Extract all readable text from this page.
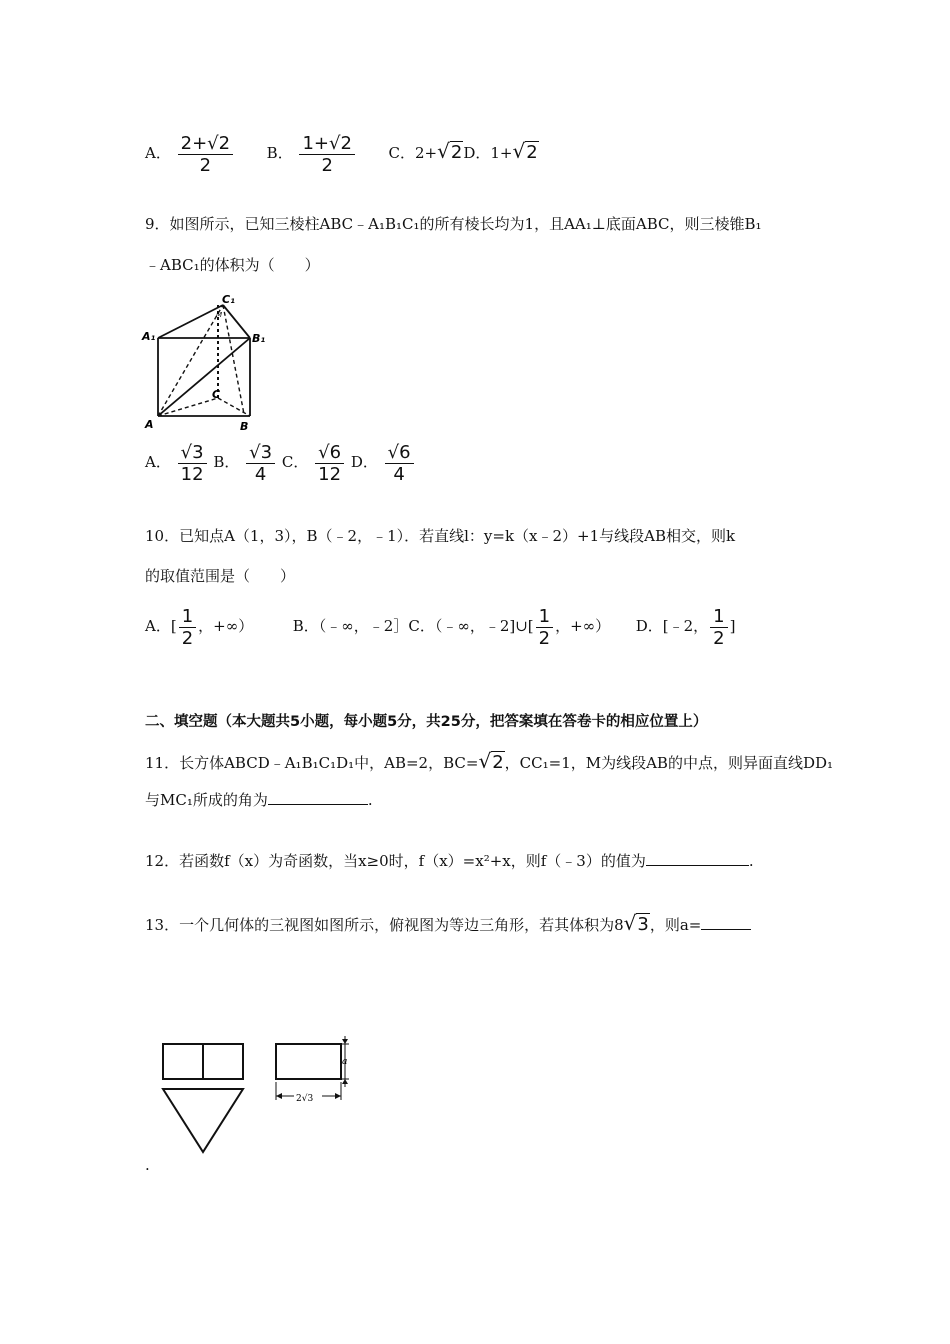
A． $\frac{2+√2}{2}$ B． $\frac{1+√2}{2}$ C．2+√2D．1+√2
9．如图所示，已知三棱柱ABC﹣A₁B₁C₁的所有棱长均为1，且AA₁⊥底面ABC，则三棱锥B₁
﹣ABC₁的体积为（　　）
A₁	B₁
C₁
M
A	B
C
A． $\frac{√3}{12}$ B． $\frac{√3}{4}$ C． $\frac{√6}{12}$ D． $\frac{√6}{4}$
10．已知点A（1，3），B（﹣2，﹣1）．若直线l：y=k（x﹣2）+1与线段AB相交，则k
的取值范围是（　　）
A．[ $\frac{1}{2}$ ，+∞）	B．（﹣∞，﹣2］C．（﹣∞，﹣2]∪[ $\frac{1}{2}$ ，+∞） D．[﹣2， $\frac{1}{2}$ ]
二、填空题（本大题共5小题，每小题5分，共25分，把答案填在答卷卡的相应位置上）
11．长方体ABCD﹣A₁B₁C₁D₁中，AB=2，BC=√2，CC₁=1，M为线段AB的中点，则异面直线DD₁
与MC₁所成的角为	.
12．若函数f（x）为奇函数，当x≥0时，f（x）=x²+x，则f（﹣3）的值为	.
13．一个几何体的三视图如图所示，俯视图为等边三角形，若其体积为8√3，则a=
a
2√3
.
